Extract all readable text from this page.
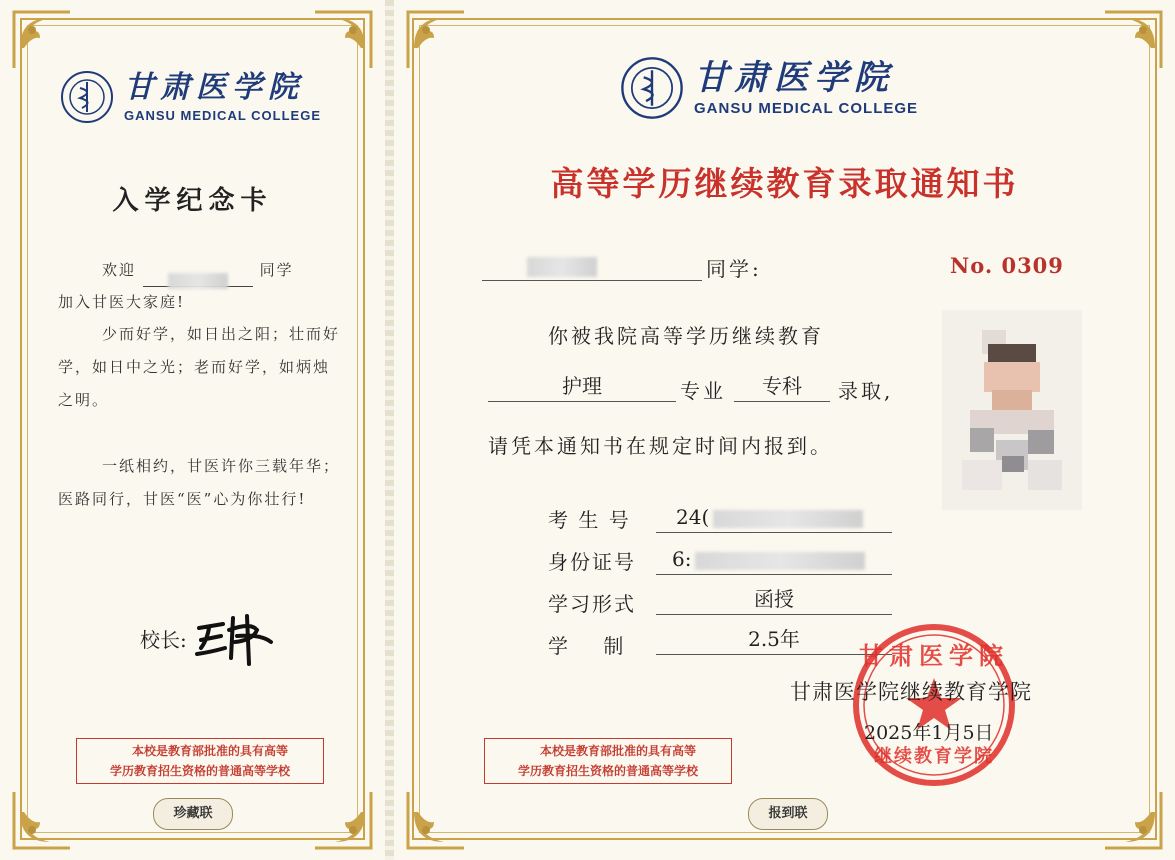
甘肃医学院
GANSU MEDICAL COLLEGE
入学纪念卡
欢迎	同学
加入甘医大家庭!
少而好学，如日出之阳；壮而好学，如日中之光；老而好学，如炳烛之明。
一纸相约，甘医许你三载年华；医路同行，甘医“医”心为你壮行!
校长:
本校是教育部批准的具有高等
学历教育招生资格的普通高等学校
珍藏联
甘肃医学院
GANSU MEDICAL COLLEGE
高等学历继续教育录取通知书
同学:	No. 0309
你被我院高等学历继续教育
护理	专业	专科	录取,
请凭本通知书在规定时间内报到。
考 生 号	24(
身份证号	6:
学习形式	函授
学    制	2.5年
甘肃医学院
继续教育学院
甘肃医学院继续教育学院
2025年1月5日
本校是教育部批准的具有高等
学历教育招生资格的普通高等学校
报到联
